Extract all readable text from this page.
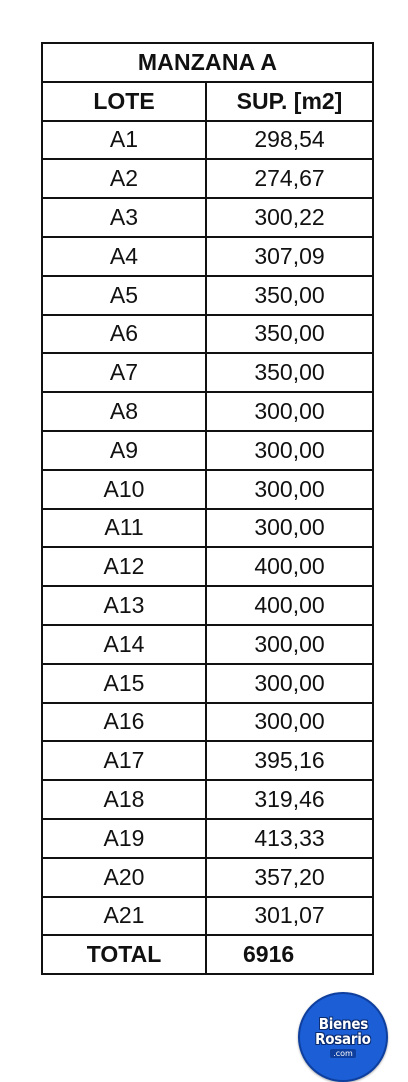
MANZANA A	
LOTE	SUP. [m2]
A1	298,54
A2	274,67
A3	300,22
A4	307,09
A5	350,00
A6	350,00
A7	350,00
A8	300,00
A9	300,00
A10	300,00
A11	300,00
A12	400,00
A13	400,00
A14	300,00
A15	300,00
A16	300,00
A17	395,16
A18	319,46
A19	413,33
A20	357,20
A21	301,07
TOTAL	6916
Bienes
Rosario
.com
